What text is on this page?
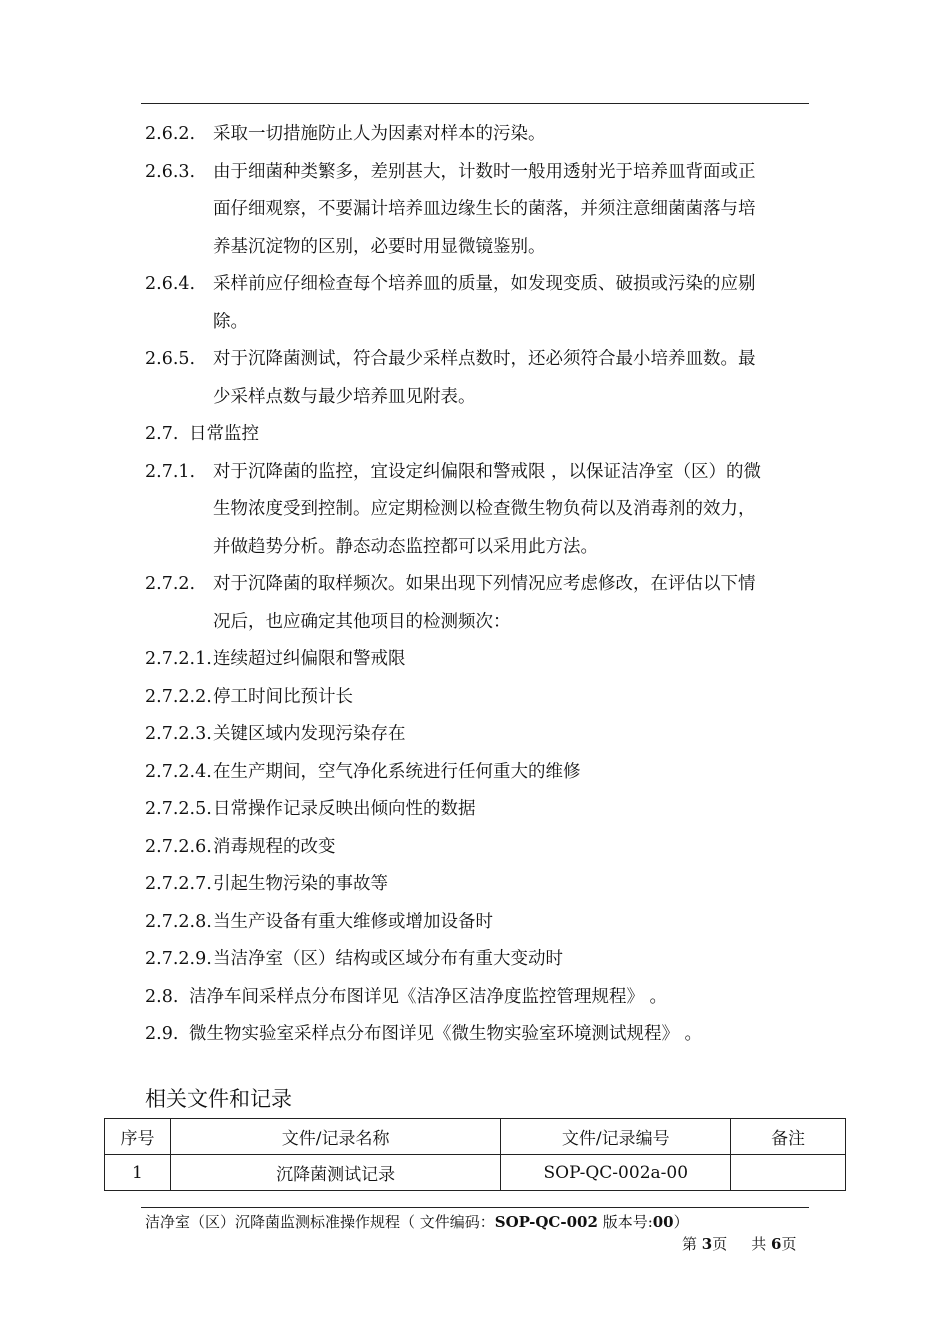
2.6.2. 采取一切措施防止人为因素对样本的污染。
2.6.3. 由于细菌种类繁多，差别甚大，计数时一般用透射光于培养皿背面或正
面仔细观察，不要漏计培养皿边缘生长的菌落，并须注意细菌菌落与培
养基沉淀物的区别，必要时用显微镜鉴别。
2.6.4. 采样前应仔细检查每个培养皿的质量，如发现变质、破损或污染的应剔
除。
2.6.5. 对于沉降菌测试，符合最少采样点数时，还必须符合最小培养皿数。最
少采样点数与最少培养皿见附表。
2.7. 日常监控
2.7.1. 对于沉降菌的监控，宜设定纠偏限和警戒限 ，以保证洁净室（区）的微
生物浓度受到控制。应定期检测以检查微生物负荷以及消毒剂的效力，
并做趋势分析。静态动态监控都可以采用此方法。
2.7.2. 对于沉降菌的取样频次。如果出现下列情况应考虑修改，在评估以下情
况后，也应确定其他项目的检测频次：
2.7.2.1. 连续超过纠偏限和警戒限
2.7.2.2. 停工时间比预计长
2.7.2.3. 关键区域内发现污染存在
2.7.2.4. 在生产期间，空气净化系统进行任何重大的维修
2.7.2.5. 日常操作记录反映出倾向性的数据
2.7.2.6. 消毒规程的改变
2.7.2.7. 引起生物污染的事故等
2.7.2.8. 当生产设备有重大维修或增加设备时
2.7.2.9. 当洁净室（区）结构或区域分布有重大变动时
2.8. 洁净车间采样点分布图详见《洁净区洁净度监控管理规程》 。
2.9. 微生物实验室采样点分布图详见《微生物实验室环境测试规程》 。
相关文件和记录
序号	文件/记录名称	文件/记录编号	备注
1	沉降菌测试记录	SOP-QC-002a-00	
洁净室（区）沉降菌监测标准操作规程（ 文件编码：SOP-QC-002 版本号:00）
第 3页 共 6页
